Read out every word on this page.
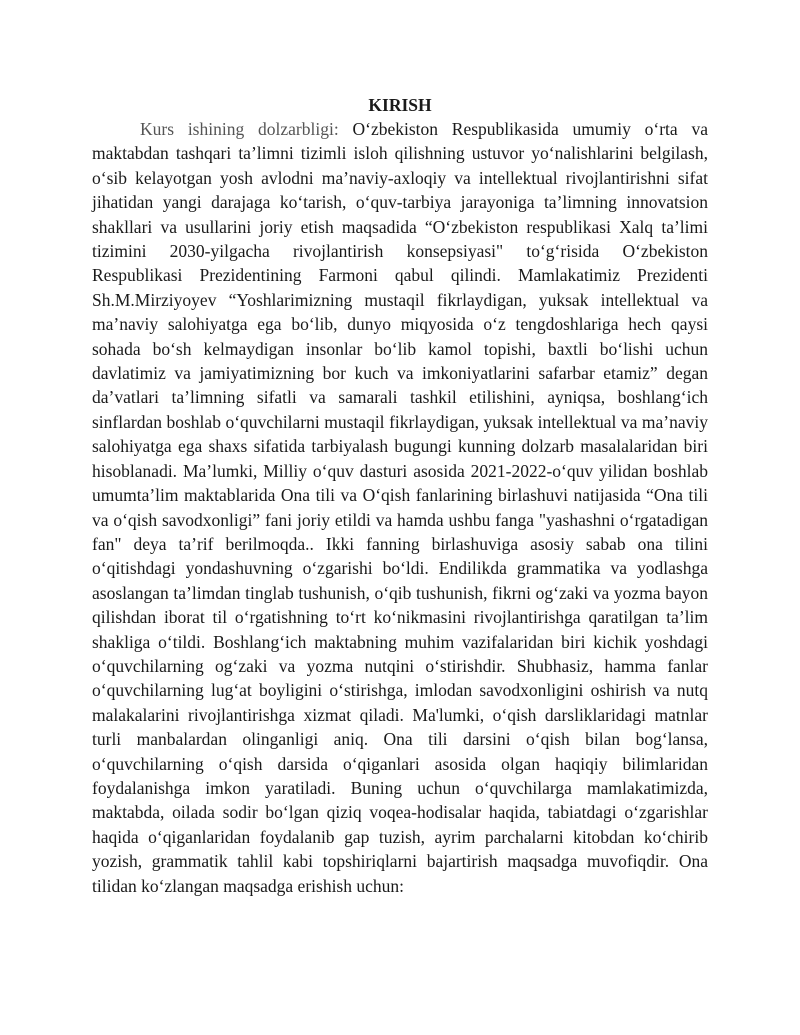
KIRISH

Kurs ishining dolzarbligi: O‘zbekiston Respublikasida umumiy o‘rta va maktabdan tashqari ta’limni tizimli isloh qilishning ustuvor yo‘nalishlarini belgilash, o‘sib kelayotgan yosh avlodni ma’naviy-axloqiy va intellektual rivojlantirishni sifat jihatidan yangi darajaga ko‘tarish, o‘quv-tarbiya jarayoniga ta’limning innovatsion shakllari va usullarini joriy etish maqsadida “O‘zbekiston respublikasi Xalq ta’limi tizimini 2030-yilgacha rivojlantirish konsepsiyasi" to‘g‘risida O‘zbekiston Respublikasi Prezidentining Farmoni qabul qilindi. Mamlakatimiz Prezidenti Sh.M.Mirziyoyev “Yoshlarimizning mustaqil fikrlaydigan, yuksak intellektual va ma’naviy salohiyatga ega bo‘lib, dunyo miqyosida o‘z tengdoshlariga hech qaysi sohada bo‘sh kelmaydigan insonlar bo‘lib kamol topishi, baxtli bo‘lishi uchun davlatimiz va jamiyatimizning bor kuch va imkoniyatlarini safarbar etamiz” degan da’vatlari ta’limning sifatli va samarali tashkil etilishini, ayniqsa, boshlang‘ich sinflardan boshlab o‘quvchilarni mustaqil fikrlaydigan, yuksak intellektual va ma’naviy salohiyatga ega shaxs sifatida tarbiyalash bugungi kunning dolzarb masalalaridan biri hisoblanadi. Ma’lumki, Milliy o‘quv dasturi asosida 2021-2022-o‘quv yilidan boshlab umumta’lim maktablarida Ona tili va O‘qish fanlarining birlashuvi natijasida “Ona tili va o‘qish savodxonligi” fani joriy etildi va hamda ushbu fanga "yashashni o‘rgatadigan fan" deya ta’rif berilmoqda.. Ikki fanning birlashuviga asosiy sabab ona tilini o‘qitishdagi yondashuvning o‘zgarishi bo‘ldi. Endilikda grammatika va yodlashga asoslangan ta’limdan tinglab tushunish, o‘qib tushunish, fikrni og‘zaki va yozma bayon qilishdan iborat til o‘rgatishning to‘rt ko‘nikmasini rivojlantirishga qaratilgan ta’lim shakliga o‘tildi. Boshlang‘ich maktabning muhim vazifalaridan biri kichik yoshdagi o‘quvchilarning og‘zaki va yozma nutqini o‘stirishdir. Shubhasiz, hamma fanlar o‘quvchilarning lug‘at boyligini o‘stirishga, imlodan savodxonligini oshirish va nutq malakalarini rivojlantirishga xizmat qiladi. Ma'lumki, o‘qish darsliklaridagi matnlar turli manbalardan olinganligi aniq. Ona tili darsini o‘qish bilan bog‘lansa, o‘quvchilarning o‘qish darsida o‘qiganlari asosida olgan haqiqiy bilimlaridan foydalanishga imkon yaratiladi. Buning uchun o‘quvchilarga mamlakatimizda, maktabda, oilada sodir bo‘lgan qiziq voqea-hodisalar haqida, tabiatdagi o‘zgarishlar haqida o‘qiganlaridan foydalanib gap tuzish, ayrim parchalarni kitobdan ko‘chirib yozish, grammatik tahlil kabi topshiriqlarni bajartirish maqsadga muvofiqdir. Ona tilidan ko‘zlangan maqsadga erishish uchun:
